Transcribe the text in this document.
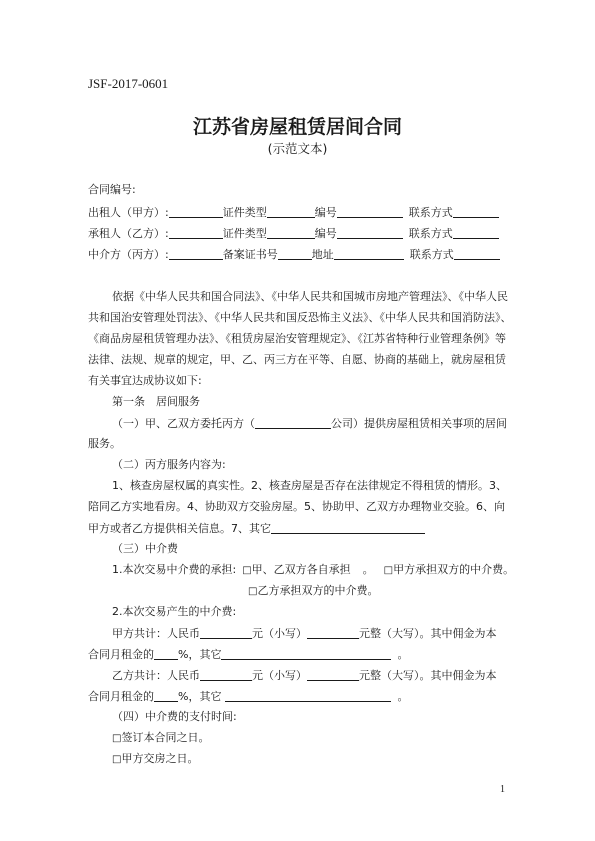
JSF-2017-0601
江苏省房屋租赁居间合同
(示范文本)
合同编号:
出租人（甲方）:	证件类型	编号	联系方式
承租人（乙方）:	证件类型	编号	联系方式
中介方（丙方）:	备案证书号	地址	联系方式
依据《中华人民共和国合同法》、《中华人民共和国城市房地产管理法》、《中华人民
共和国治安管理处罚法》、《中华人民共和国反恐怖主义法》、《中华人民共和国消防法》、
《商品房屋租赁管理办法》、《租赁房屋治安管理规定》、《江苏省特种行业管理条例》等
法律、法规、规章的规定，甲、乙、丙三方在平等、自愿、协商的基础上，就房屋租赁
有关事宜达成协议如下:
第一条　居间服务
（一）甲、乙双方委托丙方（	公司）提供房屋租赁相关事项的居间
服务。
（二）丙方服务内容为:
1、核查房屋权属的真实性。2、核查房屋是否存在法律规定不得租赁的情形。3、
陪同乙方实地看房。4、协助双方交验房屋。5、协助甲、乙双方办理物业交验。6、向
甲方或者乙方提供相关信息。7、其它
（三）中介费
1.本次交易中介费的承担: □甲、乙双方各自承担 。 □甲方承担双方的中介费。
□乙方承担双方的中介费。
2.本次交易产生的中介费:
甲方共计：人民币	元（小写）	元整（大写）。其中佣金为本
合同月租金的 %，其它	。
乙方共计：人民币	元（小写）	元整（大写）。其中佣金为本
合同月租金的 %，其它	。
（四）中介费的支付时间:
□签订本合同之日。
□甲方交房之日。
1
